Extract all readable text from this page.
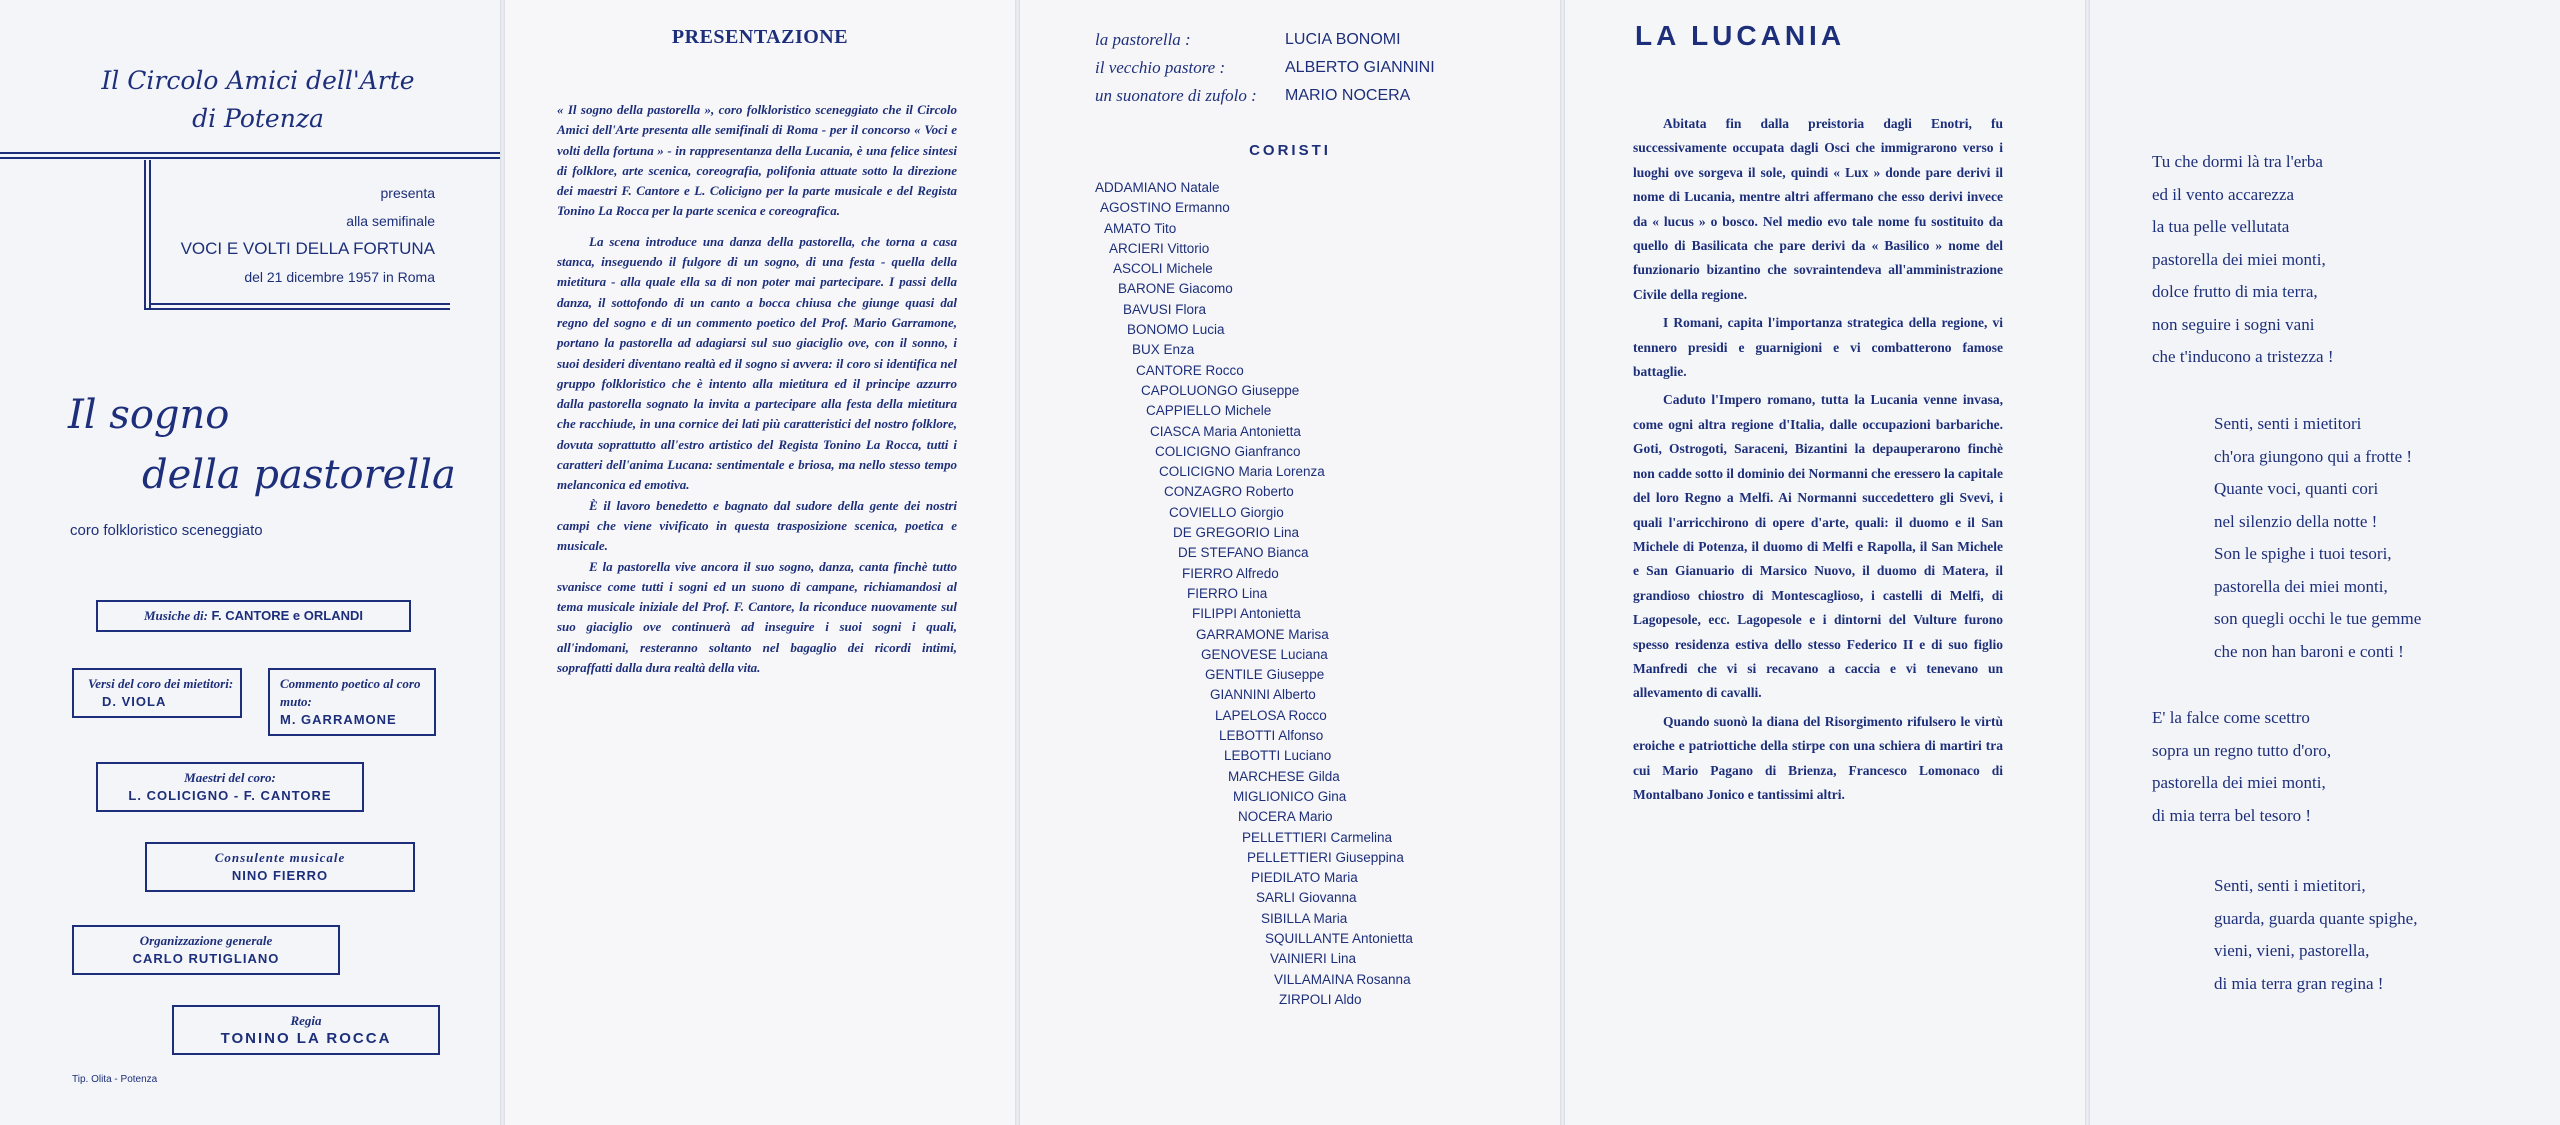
Il Circolo Amici dell'Arte
di Potenza
presenta
alla semifinale
VOCI E VOLTI DELLA FORTUNA
del 21 dicembre 1957 in Roma
Il sogno
della pastorella
coro folkloristico sceneggiato
Musiche di: F. CANTORE e ORLANDI
Versi del coro dei mietitori:
D. VIOLA
Commento poetico al coro muto:
M. GARRAMONE
Maestri del coro:
L. COLICIGNO - F. CANTORE
Consulente musicale
NINO FIERRO
Organizzazione generale
CARLO RUTIGLIANO
Regia
TONINO LA ROCCA
Tip. Olita - Potenza
PRESENTAZIONE

« Il sogno della pastorella », coro folkloristico sceneggiato che il Circolo Amici dell'Arte presenta alle semifinali di Roma - per il concorso « Voci e volti della fortuna » - in rappresentanza della Lucania, è una felice sintesi di folklore, arte scenica, coreografia, polifonia attuate sotto la direzione dei maestri F. Cantore e L. Colicigno per la parte musicale e del Regista Tonino La Rocca per la parte scenica e coreografica.

La scena introduce una danza della pastorella, che torna a casa stanca, inseguendo il fulgore di un sogno, di una festa - quella della mietitura - alla quale ella sa di non poter mai partecipare. I passi della danza, il sottofondo di un canto a bocca chiusa che giunge quasi dal regno del sogno e di un commento poetico del Prof. Mario Garramone, portano la pastorella ad adagiarsi sul suo giaciglio ove, con il sonno, i suoi desideri diventano realtà ed il sogno si avvera: il coro si identifica nel gruppo folkloristico che è intento alla mietitura ed il principe azzurro dalla pastorella sognato la invita a partecipare alla festa della mietitura che racchiude, in una cornice dei lati più caratteristici del nostro folklore, dovuta soprattutto all'estro artistico del Regista Tonino La Rocca, tutti i caratteri dell'anima Lucana: sentimentale e briosa, ma nello stesso tempo melanconica ed emotiva.

È il lavoro benedetto e bagnato dal sudore della gente dei nostri campi che viene vivificato in questa trasposizione scenica, poetica e musicale.

E la pastorella vive ancora il suo sogno, danza, canta finchè tutto svanisce come tutti i sogni ed un suono di campane, richiamandosi al tema musicale iniziale del Prof. F. Cantore, la riconduce nuovamente sul suo giaciglio ove continuerà ad inseguire i suoi sogni i quali, all'indomani, resteranno soltanto nel bagaglio dei ricordi intimi, sopraffatti dalla dura realtà della vita.

la pastorella :	LUCIA BONOMI
il vecchio pastore :	ALBERTO GIANNINI
un suonatore di zufolo :	MARIO NOCERA
CORISTI
ADDAMIANO Natale
AGOSTINO Ermanno
AMATO Tito
ARCIERI Vittorio
ASCOLI Michele
BARONE Giacomo
BAVUSI Flora
BONOMO Lucia
BUX Enza
CANTORE Rocco
CAPOLUONGO Giuseppe
CAPPIELLO Michele
CIASCA Maria Antonietta
COLICIGNO Gianfranco
COLICIGNO Maria Lorenza
CONZAGRO Roberto
COVIELLO Giorgio
DE GREGORIO Lina
DE STEFANO Bianca
FIERRO Alfredo
FIERRO Lina
FILIPPI Antonietta
GARRAMONE Marisa
GENOVESE Luciana
GENTILE Giuseppe
GIANNINI Alberto
LAPELOSA Rocco
LEBOTTI Alfonso
LEBOTTI Luciano
MARCHESE Gilda
MIGLIONICO Gina
NOCERA Mario
PELLETTIERI Carmelina
PELLETTIERI Giuseppina
PIEDILATO Maria
SARLI Giovanna
SIBILLA Maria
SQUILLANTE Antonietta
VAINIERI Lina
VILLAMAINA Rosanna
ZIRPOLI Aldo
LA LUCANIA

Abitata fin dalla preistoria dagli Enotri, fu successivamente occupata dagli Osci che immigrarono verso i luoghi ove sorgeva il sole, quindi « Lux » donde pare derivi il nome di Lucania, mentre altri affermano che esso derivi invece da « lucus » o bosco. Nel medio evo tale nome fu sostituito da quello di Basilicata che pare derivi da « Basilico » nome del funzionario bizantino che sovraintendeva all'amministrazione Civile della regione.

I Romani, capita l'importanza strategica della regione, vi tennero presidi e guarnigioni e vi combatterono famose battaglie.

Caduto l'Impero romano, tutta la Lucania venne invasa, come ogni altra regione d'Italia, dalle occupazioni barbariche. Goti, Ostrogoti, Saraceni, Bizantini la depauperarono finchè non cadde sotto il dominio dei Normanni che eressero la capitale del loro Regno a Melfi. Ai Normanni succedettero gli Svevi, i quali l'arricchirono di opere d'arte, quali: il duomo e il San Michele di Potenza, il duomo di Melfi e Rapolla, il San Michele e San Gianuario di Marsico Nuovo, il duomo di Matera, il grandioso chiostro di Montescaglioso, i castelli di Melfi, di Lagopesole, ecc. Lagopesole e i dintorni del Vulture furono spesso residenza estiva dello stesso Federico II e di suo figlio Manfredi che vi si recavano a caccia e vi tenevano un allevamento di cavalli.

Quando suonò la diana del Risorgimento rifulsero le virtù eroiche e patriottiche della stirpe con una schiera di martiri tra cui Mario Pagano di Brienza, Francesco Lomonaco di Montalbano Jonico e tantissimi altri.

Tu che dormi là tra l'erba
ed il vento accarezza
la tua pelle vellutata
pastorella dei miei monti,
dolce frutto di mia terra,
non seguire i sogni vani
che t'inducono a tristezza !
Senti, senti i mietitori
ch'ora giungono qui a frotte !
Quante voci, quanti cori
nel silenzio della notte !
Son le spighe i tuoi tesori,
pastorella dei miei monti,
son quegli occhi le tue gemme
che non han baroni e conti !
E' la falce come scettro
sopra un regno tutto d'oro,
pastorella dei miei monti,
di mia terra bel tesoro !
Senti, senti i mietitori,
guarda, guarda quante spighe,
vieni, vieni, pastorella,
di mia terra gran regina !
